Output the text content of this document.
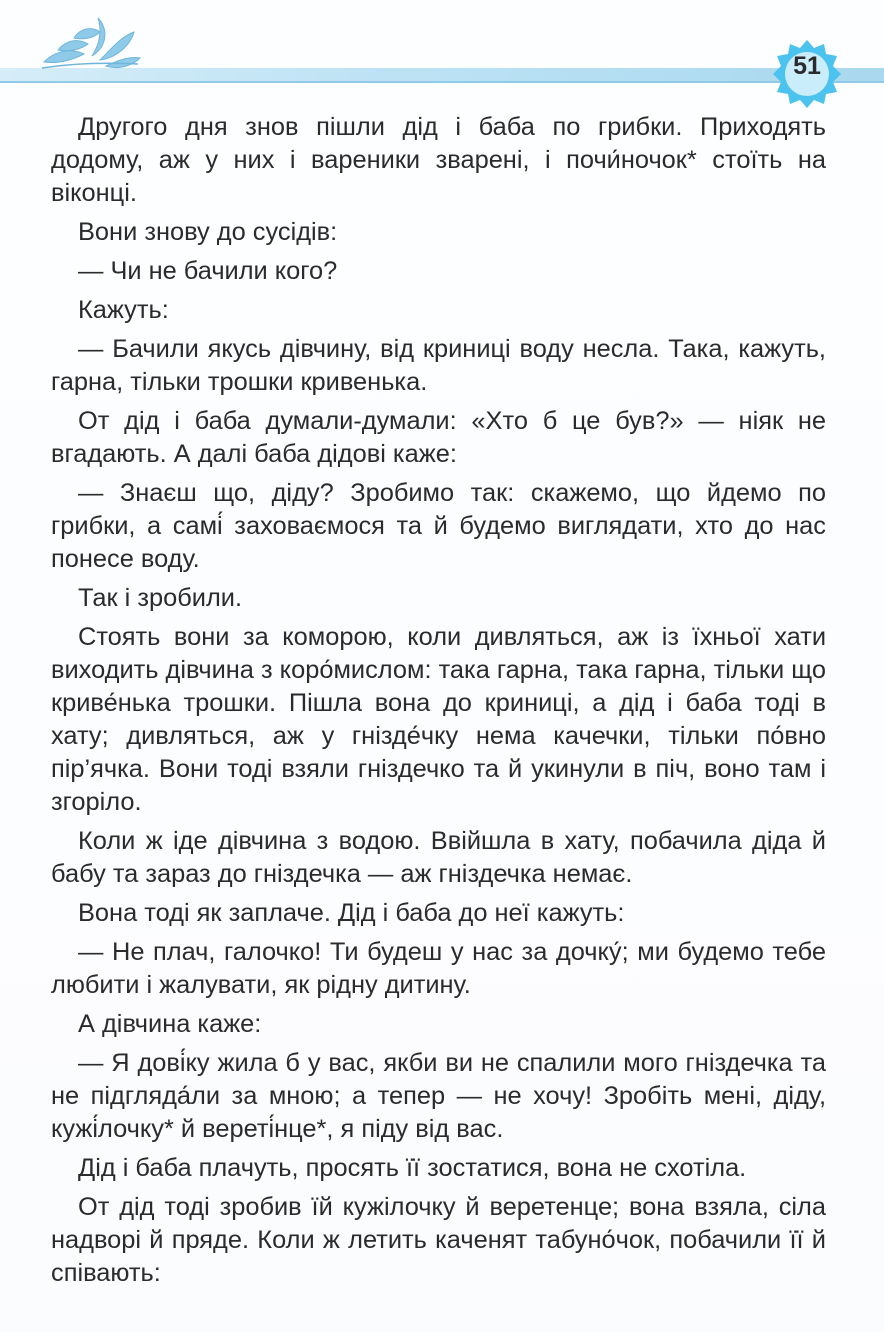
51

Другого дня знов пішли дід і баба по грибки. Приходять додому, аж у них і вареники зварені, і почи́ночок* стоїть на віконці.

Вони знову до сусідів:

— Чи не бачили кого?

Кажуть:

— Бачили якусь дівчину, від криниці воду несла. Така, кажуть, гарна, тільки трошки кривенька.

От дід і баба думали-думали: «Хто б це був?» — ніяк не вгадають. А далі баба дідові каже:

— Знаєш що, діду? Зробимо так: скажемо, що йдемо по грибки, а самі́ заховаємося та й будемо виглядати, хто до нас понесе воду.

Так і зробили.

Стоять вони за коморою, коли дивляться, аж із їхньої хати виходить дівчина з коро́мислом: така гарна, така гарна, тільки що криве́нька трошки. Пішла вона до криниці, а дід і баба тоді в хату; дивляться, аж у гнізде́чку нема качечки, тільки по́вно пір’ячка. Вони тоді взяли гніздечко та й укинули в піч, воно там і згоріло.

Коли ж іде дівчина з водою. Ввійшла в хату, побачила діда й бабу та зараз до гніздечка — аж гніздечка немає.

Вона тоді як заплаче. Дід і баба до неї кажуть:

— Не плач, галочко! Ти будеш у нас за дочку́; ми будемо тебе любити і жалувати, як рідну дитину.

А дівчина каже:

— Я дові́ку жила б у вас, якби ви не спалили мого гніздечка та не підгляда́ли за мною; а тепер — не хочу! Зробіть мені, діду, кужі́лочку* й вереті́нце*, я піду від вас.

Дід і баба плачуть, просять її зостатися, вона не схотіла.

От дід тоді зробив їй кужілочку й веретенце; вона взяла, сіла надворі й пряде. Коли ж летить каченят табуно́чок, побачили її й співають:
